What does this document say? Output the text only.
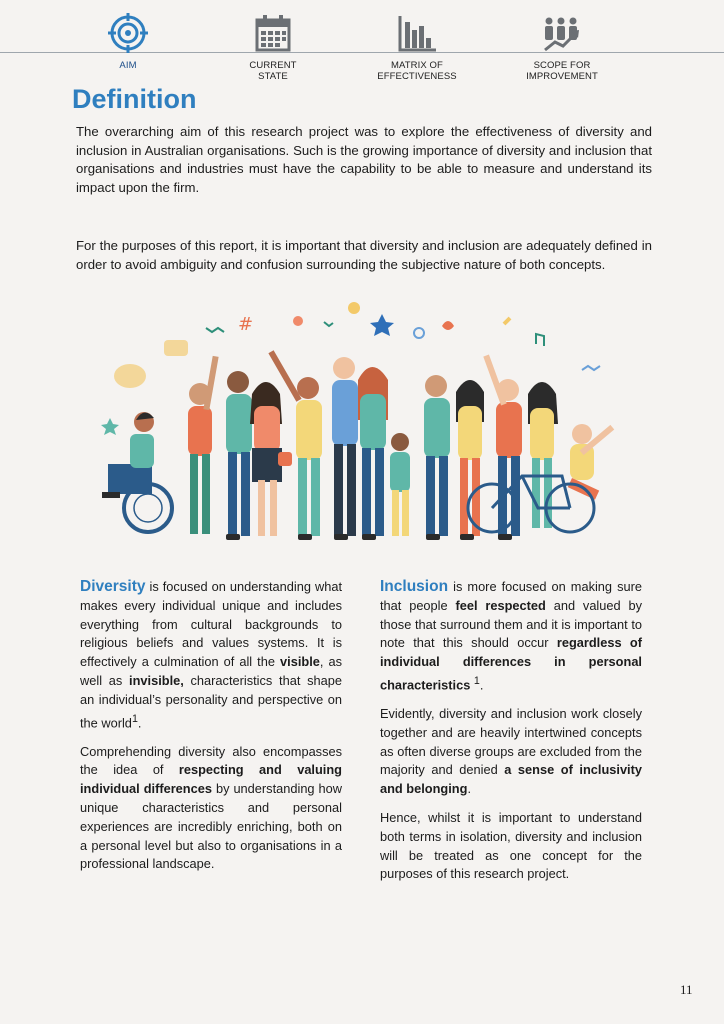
AIM	CURRENT
STATE
MATRIX OF
EFFECTIVENESS
SCOPE FOR
IMPROVEMENT
Definition

The overarching aim of this research project was to explore the effectiveness of diversity and inclusion in Australian organisations. Such is the growing importance of diversity and inclusion that organisations and industries must have the capability to be able to measure and understand its impact upon the firm.

For the purposes of this report, it is important that diversity and inclusion are adequately defined in order to avoid ambiguity and confusion surrounding the subjective nature of both concepts.

#

Diversity is focused on understanding what makes every individual unique and includes everything from cultural backgrounds to religious beliefs and values systems. It is effectively a culmination of all the visible, as well as invisible, characteristics that shape an individual’s personality and perspective on the world$^1$.

Comprehending diversity also encompasses the idea of respecting and valuing individual differences by understanding how unique characteristics and personal experiences are incredibly enriching, both on a personal level but also to organisations in a professional landscape.

Inclusion is more focused on making sure that people feel respected and valued by those that surround them and it is important to note that this should occur regardless of individual differences in personal characteristics $^1$.

Evidently, diversity and inclusion work closely together and are heavily intertwined concepts as often diverse groups are excluded from the majority and denied a sense of inclusivity and belonging.

Hence, whilst it is important to understand both terms in isolation, diversity and inclusion will be treated as one concept for the purposes of this research project.

11
